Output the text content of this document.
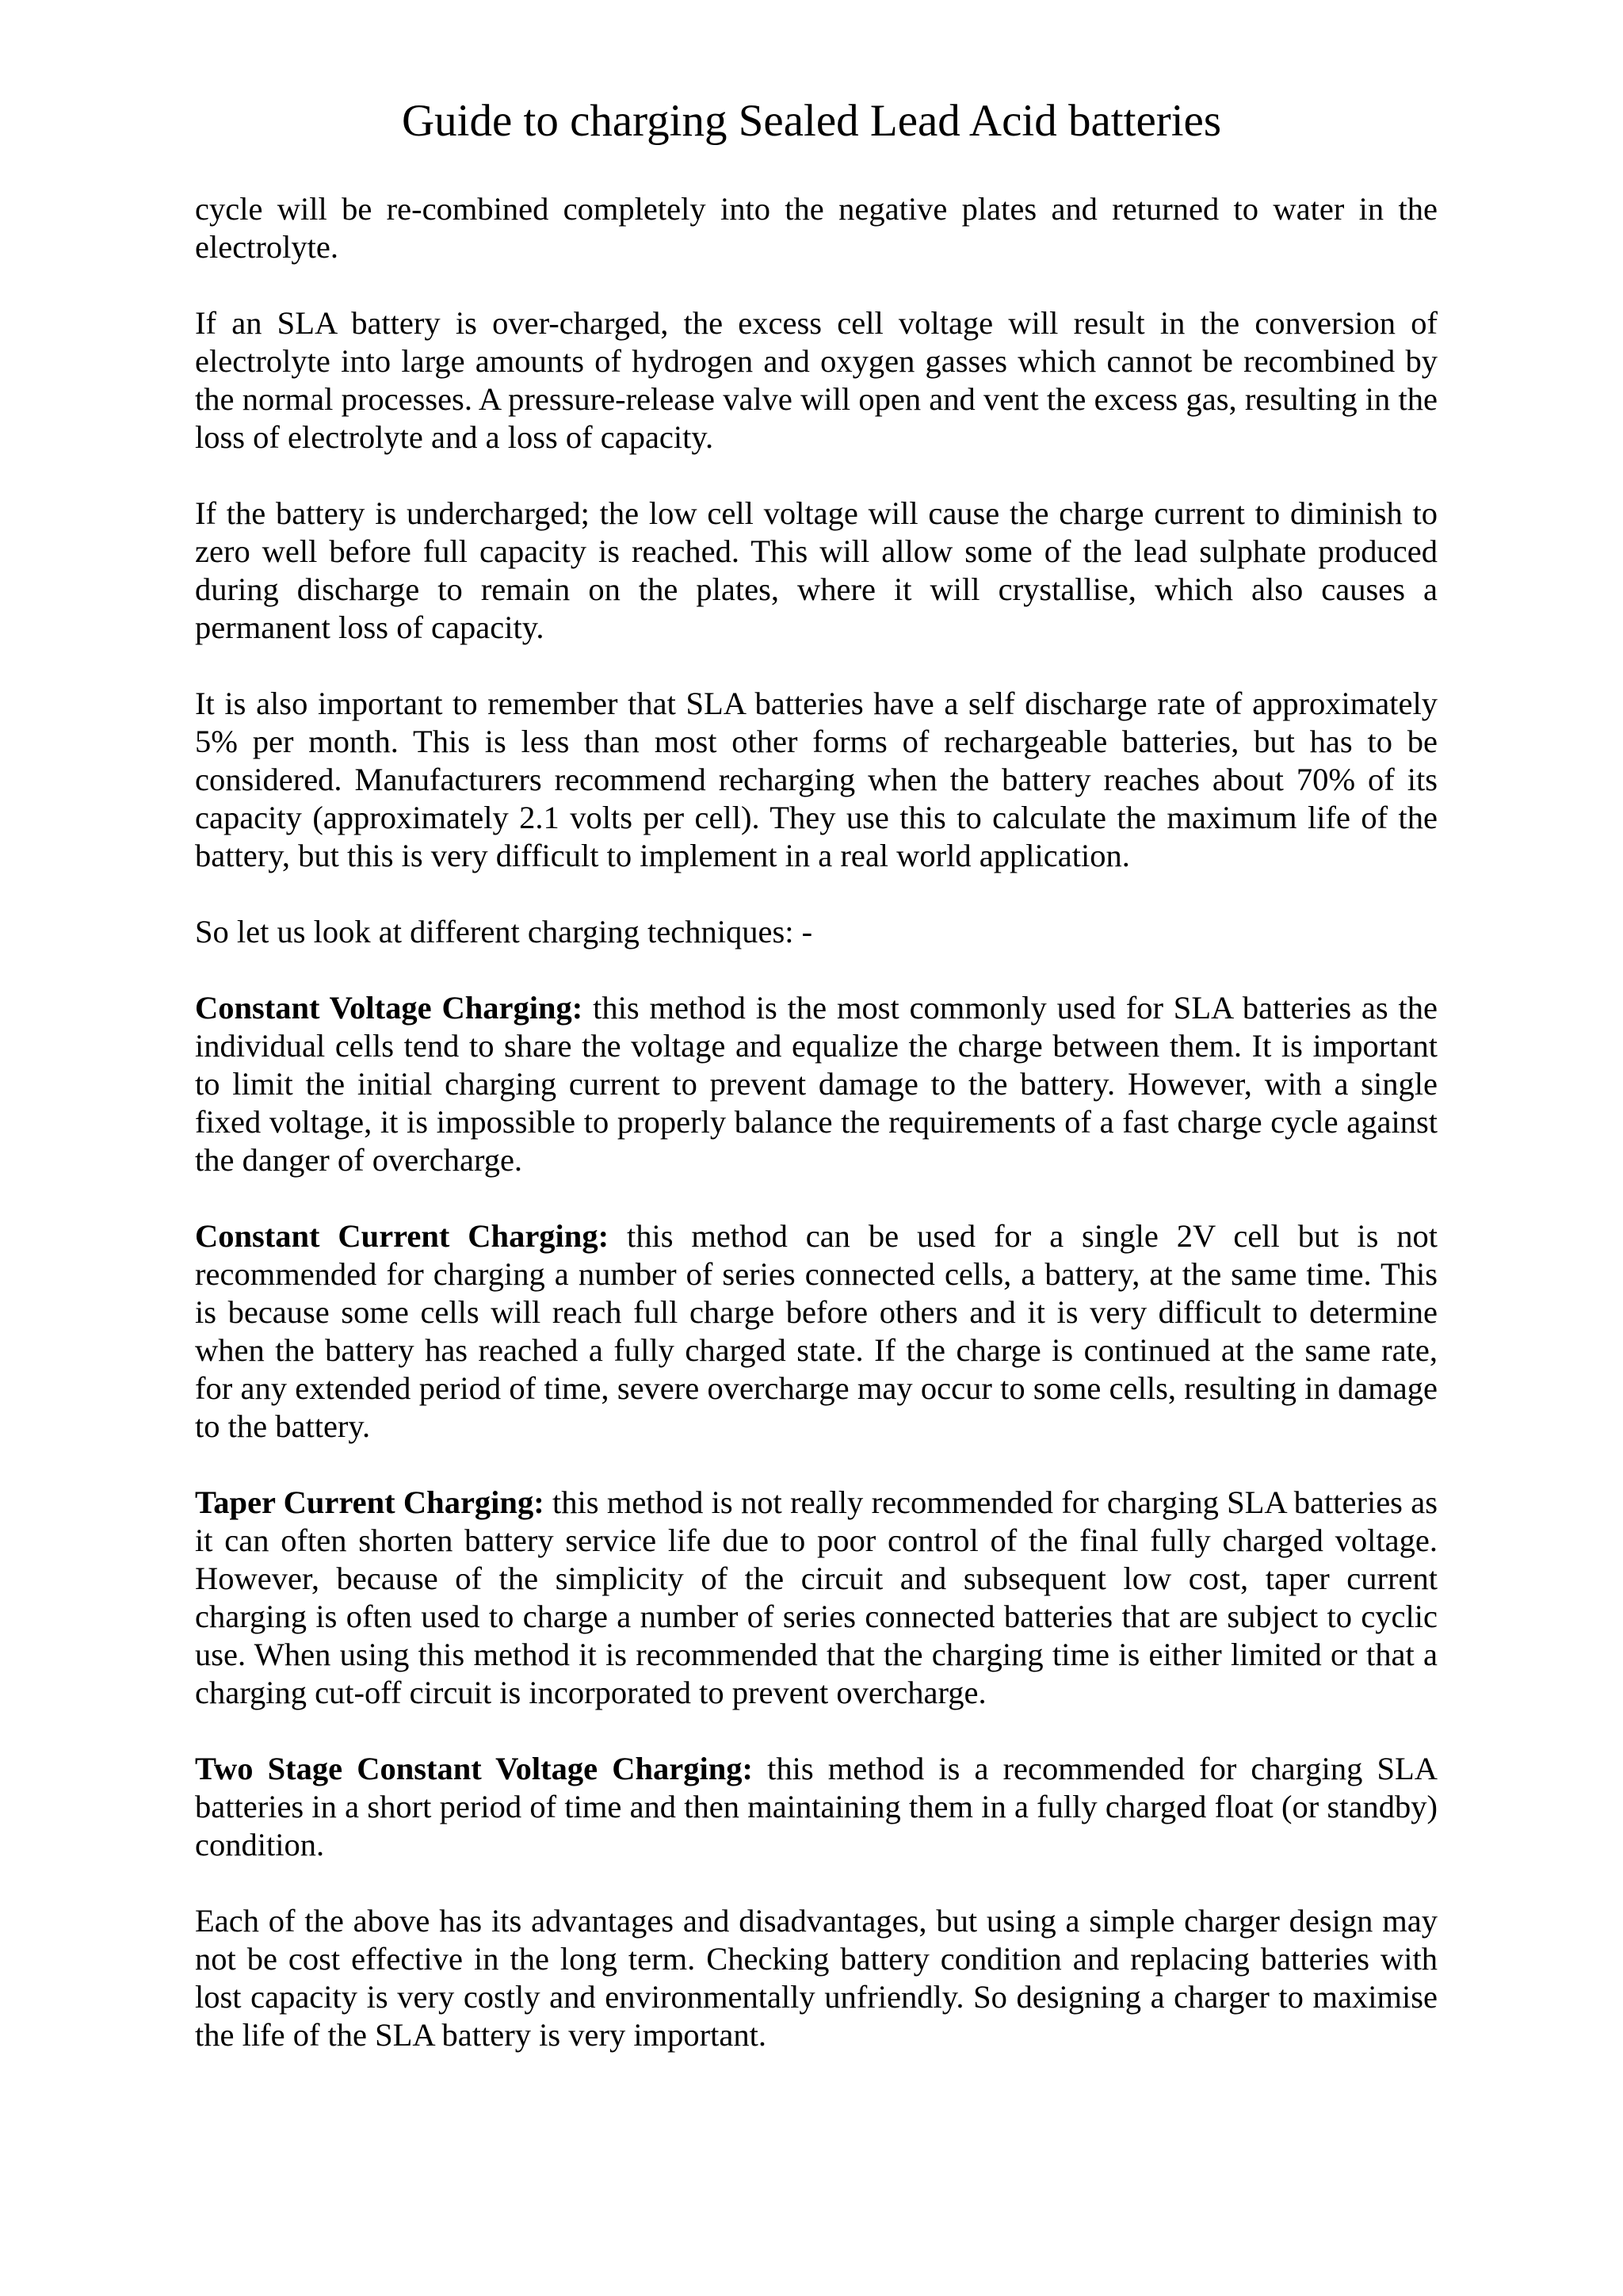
Guide to charging Sealed Lead Acid batteries

cycle will be re-combined completely into the negative plates and returned to water in the electrolyte.

If an SLA battery is over-charged, the excess cell voltage will result in the conversion of electrolyte into large amounts of hydrogen and oxygen gasses which cannot be recombined by the normal processes. A pressure-release valve will open and vent the excess gas, resulting in the loss of electrolyte and a loss of capacity.

If the battery is undercharged; the low cell voltage will cause the charge current to diminish to zero well before full capacity is reached. This will allow some of the lead sulphate produced during discharge to remain on the plates, where it will crystallise, which also causes a permanent loss of capacity.

It is also important to remember that SLA batteries have a self discharge rate of approximately 5% per month. This is less than most other forms of rechargeable batteries, but has to be considered. Manufacturers recommend recharging when the battery reaches about 70% of its capacity (approximately 2.1 volts per cell). They use this to calculate the maximum life of the battery, but this is very difficult to implement in a real world application.

So let us look at different charging techniques: -

Constant Voltage Charging: this method is the most commonly used for SLA batteries as the individual cells tend to share the voltage and equalize the charge between them. It is important to limit the initial charging current to prevent damage to the battery. However, with a single fixed voltage, it is impossible to properly balance the requirements of a fast charge cycle against the danger of overcharge.

Constant Current Charging: this method can be used for a single 2V cell but is not recommended for charging a number of series connected cells, a battery, at the same time. This is because some cells will reach full charge before others and it is very difficult to determine when the battery has reached a fully charged state. If the charge is continued at the same rate, for any extended period of time, severe overcharge may occur to some cells, resulting in damage to the battery.

Taper Current Charging: this method is not really recommended for charging SLA batteries as it can often shorten battery service life due to poor control of the final fully charged voltage. However, because of the simplicity of the circuit and subsequent low cost, taper current charging is often used to charge a number of series connected batteries that are subject to cyclic use. When using this method it is recommended that the charging time is either limited or that a charging cut-off circuit is incorporated to prevent overcharge.

Two Stage Constant Voltage Charging: this method is a recommended for charging SLA batteries in a short period of time and then maintaining them in a fully charged float (or standby) condition.

Each of the above has its advantages and disadvantages, but using a simple charger design may not be cost effective in the long term. Checking battery condition and replacing batteries with lost capacity is very costly and environmentally unfriendly. So designing a charger to maximise the life of the SLA battery is very important.
